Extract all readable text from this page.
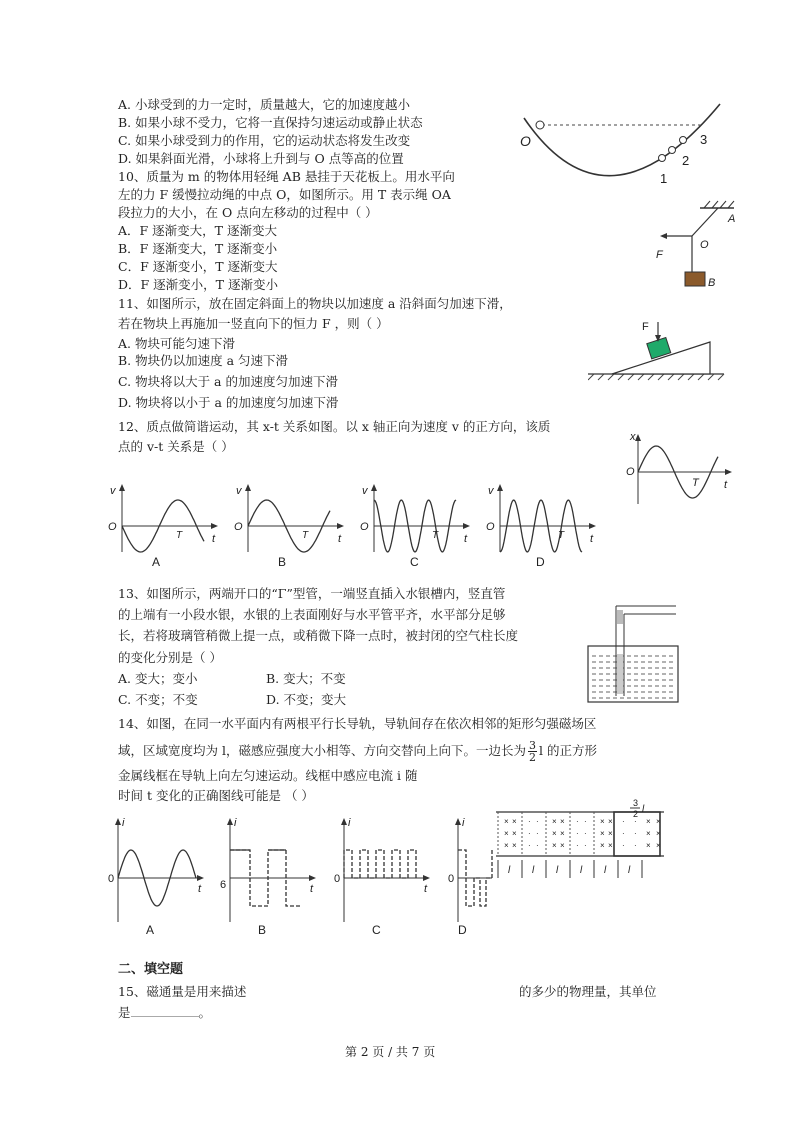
A. 小球受到的力一定时，质量越大，它的加速度越小
B. 如果小球不受力，它将一直保持匀速运动或静止状态
C. 如果小球受到力的作用，它的运动状态将发生改变
D. 如果斜面光滑，小球将上升到与 O 点等高的位置
O
1
2
3
10、质量为 m 的物体用轻绳 AB 悬挂于天花板上。用水平向
左的力 F 缓慢拉动绳的中点 O，如图所示。用 T 表示绳 OA
段拉力的大小，在 O 点向左移动的过程中（ ）
A．F 逐渐变大，T 逐渐变大
B．F 逐渐变大，T 逐渐变小
C．F 逐渐变小，T 逐渐变大
D．F 逐渐变小，T 逐渐变小
A
O
F
B
11、如图所示，放在固定斜面上的物块以加速度 a 沿斜面匀加速下滑，
若在物块上再施加一竖直向下的恒力 F ，则（ ）
A. 物块可能匀速下滑
B. 物块仍以加速度 a 匀速下滑
C. 物块将以大于 a 的加速度匀加速下滑
D. 物块将以小于 a 的加速度匀加速下滑
F
12、质点做简谐运动，其 x-t 关系如图。以 x 轴正向为速度 v 的正方向，该质
点的 v-t 关系是（ ）
x
O
T t
v
O
T	t
A
v
O
T	t
B
v
O
T t
C
v
O
T t
D
13、如图所示，两端开口的“Γ”型管，一端竖直插入水银槽内，竖直管
的上端有一小段水银，水银的上表面刚好与水平管平齐，水平部分足够
长，若将玻璃管稍微上提一点，或稍微下降一点时，被封闭的空气柱长度
的变化分别是（ ）
A. 变大；变小	B. 变大；不变
C. 不变；不变	D. 不变；变大
14、如图，在同一水平面内有两根平行长导轨，导轨间存在依次相邻的矩形匀强磁场区
域，区域宽度均为 l，磁感应强度大小相等、方向交替向上向下。一边长为 $\frac{3}{2}$ l 的正方形
金属线框在导轨上向左匀速运动。线框中感应电流 i 随
时间 t 变化的正确图线可能是 （ ）
i
0
t
A
i
6	t
B
i
0
t
C
i
0
D
×
×
×
×
×
×
·
·
·
·
·
·
×
×
×
×
×
×
·
·
·
·
·
·
×
×
×
×
×
×
·
·
·
·
·
·
×
×
×
×
×
×
3
2 l
l l l l l l
二、填空题
15、磁通量是用来描述	的多少的物理量，其单位
是	。
第 2 页 / 共 7 页
